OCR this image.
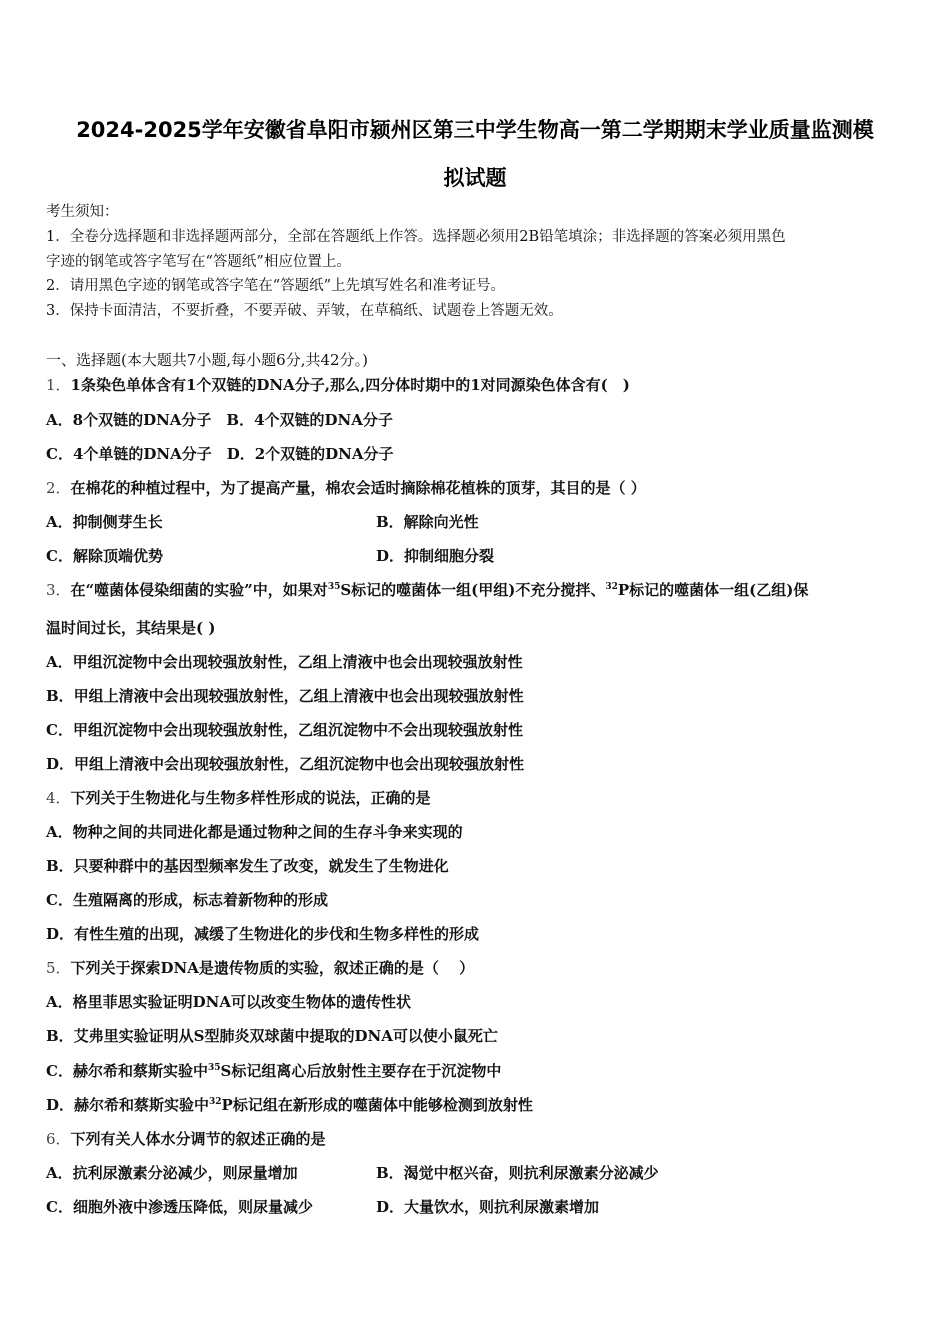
2024-2025学年安徽省阜阳市颍州区第三中学生物高一第二学期期末学业质量监测模
拟试题
考生须知：
1．全卷分选择题和非选择题两部分，全部在答题纸上作答。选择题必须用2B铅笔填涂；非选择题的答案必须用黑色
字迹的钢笔或答字笔写在“答题纸”相应位置上。
2．请用黑色字迹的钢笔或答字笔在“答题纸”上先填写姓名和准考证号。
3．保持卡面清洁，不要折叠，不要弄破、弄皱，在草稿纸、试题卷上答题无效。
一、选择题(本大题共7小题,每小题6分,共42分。)
1．1条染色单体含有1个双链的DNA分子,那么,四分体时期中的1对同源染色体含有(　)
A．8个双链的DNA分子　B．4个双链的DNA分子
C．4个单链的DNA分子　D．2个双链的DNA分子
2．在棉花的种植过程中，为了提高产量，棉农会适时摘除棉花植株的顶芽，其目的是（ ）
A．抑制侧芽生长	B．解除向光性
C．解除顶端优势	D．抑制细胞分裂
3．在“噬菌体侵染细菌的实验”中，如果对$^{35}$S标记的噬菌体一组(甲组)不充分搅拌、$^{32}$P标记的噬菌体一组(乙组)保
温时间过长，其结果是( )
A．甲组沉淀物中会出现较强放射性，乙组上清液中也会出现较强放射性
B．甲组上清液中会出现较强放射性，乙组上清液中也会出现较强放射性
C．甲组沉淀物中会出现较强放射性，乙组沉淀物中不会出现较强放射性
D．甲组上清液中会出现较强放射性，乙组沉淀物中也会出现较强放射性
4．下列关于生物进化与生物多样性形成的说法，正确的是
A．物种之间的共同进化都是通过物种之间的生存斗争来实现的
B．只要种群中的基因型频率发生了改变，就发生了生物进化
C．生殖隔离的形成，标志着新物种的形成
D．有性生殖的出现，减缓了生物进化的步伐和生物多样性的形成
5．下列关于探索DNA是遗传物质的实验，叙述正确的是（　 ）
A．格里菲思实验证明DNA可以改变生物体的遗传性状
B．艾弗里实验证明从S型肺炎双球菌中提取的DNA可以使小鼠死亡
C．赫尔希和蔡斯实验中$^{35}$S标记组离心后放射性主要存在于沉淀物中
D．赫尔希和蔡斯实验中$^{32}$P标记组在新形成的噬菌体中能够检测到放射性
6．下列有关人体水分调节的叙述正确的是
A．抗利尿激素分泌减少，则尿量增加	B．渴觉中枢兴奋，则抗利尿激素分泌减少
C．细胞外液中渗透压降低，则尿量减少	D．大量饮水，则抗利尿激素增加
